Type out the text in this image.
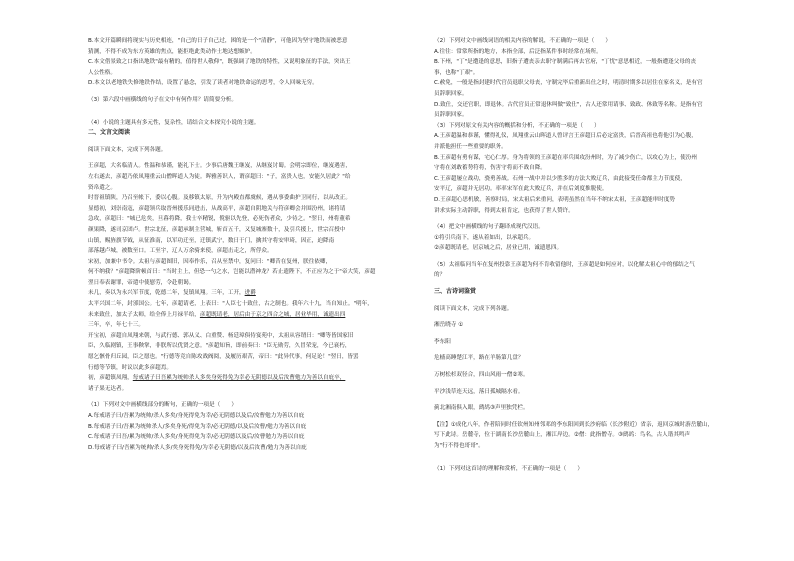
B.本文开篇瞬间将现实与历史相连，"自己的日子自己过，困的是一个"清静"，可他因为坚守地铁而被恶意

猜测，不得不成为东方英雄的焦点，能拒绝此类动作土地达想嫉妒。

C.本文借景致之口指出地铁"最有精的，值得世人敬仰"，既强调了地铁的特性，又说明象征的手法，突出王

人公性格。

D.本文以老地铁失修地铁作结，设置了悬念，引发了读者对地铁命运的思考，令人回味无穷。

（3）第六段中画横线的句子在文中有何作用？请简要分析。

（4）小说的主题具有多元性，复杂性，请结合文本探究小说的主题。

二、文言文阅读

阅读下面文本，完成下列各题。

王彦超，大名临清人。性温和恭谨，能礼下士。少事后唐魏王继岌，从继岌讨蜀。会明宗即位，继岌遇害，

左右遂去，彦超乃依凤翔重云山僧晖道人为徒。晖雅善识人，谓彦超曰："子，富贵人也，安能久居此？"给

资帛遣之。

时晋祖镇陕，乃召至帐下，委以心腹。及移镇太原，升为内殿直都虞候，遇从事委曲护卫同行，以从改正。

显德初，刘崇南寇，彦超领兵取晋州援乐同进击，从战高平，彦超自阴地关与符彦卿会并围汾州，诸将请

急攻，彦超曰："城已危矣，旦暮将降，我士卒精锐，傥驱以先登，必死伤者众，少待之。"翌日，州将董希

颜果降，遂司京团卢。世宗北征，彦超承制主营城，斩首五千，又复城寨数十，及引兵援上，世宗召授中

山镇，赐旌旗节钺，从征淮南，以军功迁至，迁镇武宁，数日于门，擒其守将安审琦，因正，迫降南

部落越卢城，被数至口。工至宇，辽人万余骑来使，彦超击走之，所俘众。

宋初，加兼中书令。太祖与彦超图旧，因奉作乐，召从至禁中，复问曰："卿昔在复州，朕往依卿，

何不纳我？"彦超降阶顿首曰："当时主上，但恐一勺之水，岂能以潜神龙？若止遗陛下，不正应为之于"帝大笑，彦超

翌日奉表谢罪，帝遣中使慰劳，令赴朝谒。

未几，奏以为永兴军节度，乾德二年，复镇凤翔。三年，工开，进爵

太平兴国二年，封邠国公。七年，彦超请老，上表曰："人臣七十致仕，古之制也。我年六十九，当自知止。"明年，

未来致仕，加太子太师，给全俸上月禄半给，彦超既请老，居后由于京之四合之城，居业毕用，诚遗出四

三年，卒，年七十三。

开宝初，彦超自凤翔来朝，与武行德、郭从义、白重赞、杨廷璋俱侍宴苑中，太祖从容谓曰："卿等皆国家旧

臣，久临剧镇，王事鞅掌，非朕所以优贤之意。"彦超知旨，即前奏曰："臣无勋劳，久冒荣宠，今已衰朽，

愿乞骸骨归丘园，臣之愿也。"行德等竞自陈攻战阀阅，及履历艰苦，帝曰："此异代事，何足论！"翌日，皆罢

行德等节镇，时议以此多彦超焉。

初，彦超镇凤翔，每戒诸子曰吾累为统帅杀人多矣身死得免为幸必无阴德以及后汝曹勉力为善以自庇卒，

诸子果无达者。

（1）下列对文中画横线部分的断句，正确的一项是（　　）

A.每戒诸子曰/吾累为统帅/杀人多矣/身死得免为幸/必无阴德以及后/汝曹勉力为善以自庇

B.每戒诸子曰/吾累为统帅杀人/多矣身死/得免为幸/必无阴德/以及后汝曹/勉力为善以自庇

C.每戒诸子曰吾/累为统帅/杀人多矣/身死得免为幸/必无阴德以及后/汝曹勉力为善以自庇

D.每戒诸子曰/吾累为统帅/杀人多/矣身死得免/为幸必无阴德/以及后汝曹/勉力为善以自庇

（2）下列对文中画线词语的相关内容的解说，不正确的一项是（　　）

A.往往：常常所指的地方，本指全部，后泛指某件事时经常在场所。

B.下州，"丁"是遭逢的意思，旧指子遭丧亲去职守制满后再去官府，"丁忧"意思相近，一般指遭逢父母的丧

事，也称"丁艰"。

C.赦免，一般是指封建时代官员退职父母丧，守制完毕后重新出仕之时，明清时期多以居住在家名义，是有官

员辞职回家。

D.致仕，交还官职，即退休。古代官员正常退休叫做"致仕"，古人还常用请事、致政、休致等名称。是指有官

员辞职回家。

（3）下列对原文有关内容的概括和分析，不正确的一项是（　　）

A.王彦超温和恭谨，懂得礼仪，凤翔重云山晖道人曾评言王彦超日后必定富贵，后晋高祖也将他引为心腹，

并派他担任一些重要的职务。

B.王彦超有勇有谋，宅心仁厚。身为将领的王彦超在率兵围攻汾州时，为了减少伤亡，以攻心为上，使汾州

守将在刘敢蓄势符将，伤害守将而不战自降。

C.王彦超屡立战功，骁勇善战。石州一战中并以少胜多的方法大败辽兵，由此接受任命都主力节度使，

安平辽，彦超并无居功。率率宋军在此大败辽兵，并在后刘度推脱使。

D.王彦超心思机敏，善察时局，宋太祖后来重问，表明虽然在当年不纳宋太祖，王彦超能审时度势

讲求实际主动辞职，得到太祖肯定，也获得了世人赞许。

（4）把文中画横线的句子翻译成现代汉语。

①将引兵南下，遂从着如出，以承超兵。

②彦超既请老，居京城之后，居业已用，诚遗恩四。

（5）太祖临问当年在复州投靠王彦超为何不肯收留他时，王彦超是如何应对，以化解太祖心中的郁结之气

的？

三、古诗词鉴赏

阅读下面文本，完成下列各题。

湘岳晓寺 ①

李东阳

危樯高睡楚江平，路在羊肠第几盘？

万树松杉双径合，四山风雨一僧②寒。

平沙浅草连天远，落日孤城隔水看。

蓟北湘南俱入眼，鹧鸪③声里独凭栏。

【注】①成化八年，作者陪同时任钦州知州邻邓的李东阳回到长沙府临（长沙附近）省亲，返回京城时游岳麓山，

写下此诗。岳麓寺，位于湖南长沙岳麓山上，湘江岸边。②僧：此指僧寺。③鹧鸪：鸟名，古人谐其鸣声

为"行不得也哥哥"。

（1）下列对这首诗的理解和赏析，不正确的一项是（　　）
